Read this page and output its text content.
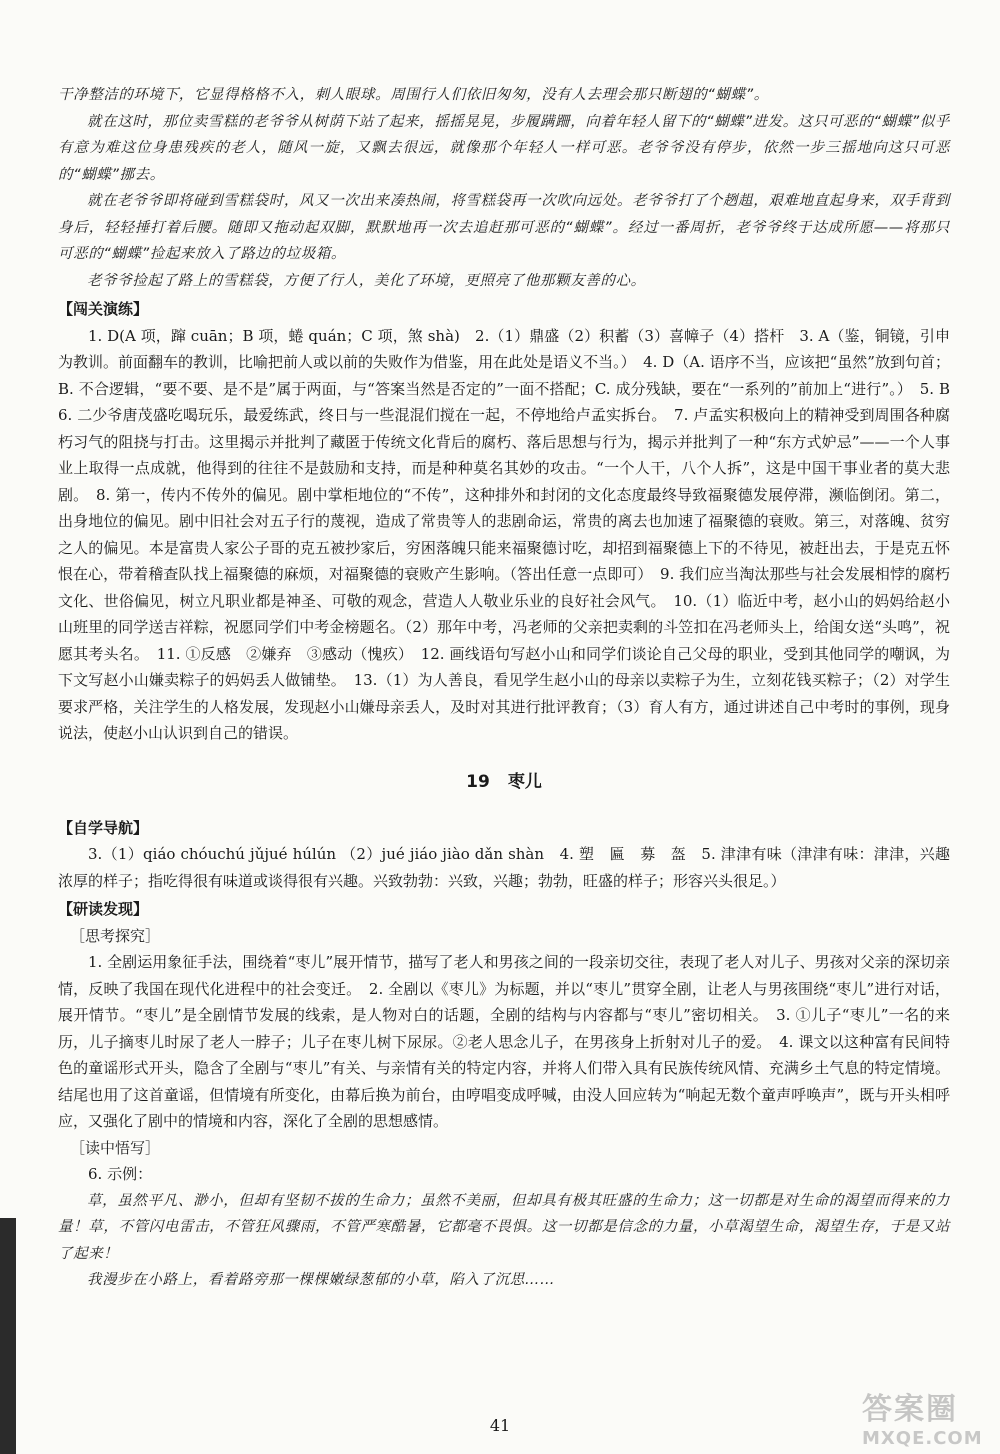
干净整洁的环境下，它显得格格不入，刺人眼球。周围行人们依旧匆匆，没有人去理会那只断翅的“蝴蝶”。

就在这时，那位卖雪糕的老爷爷从树荫下站了起来，摇摇晃晃，步履蹒跚，向着年轻人留下的“蝴蝶”进发。这只可恶的“蝴蝶”似乎有意为难这位身患残疾的老人，随风一旋，又飘去很远，就像那个年轻人一样可恶。老爷爷没有停步，依然一步三摇地向这只可恶的“蝴蝶”挪去。

就在老爷爷即将碰到雪糕袋时，风又一次出来凑热闹，将雪糕袋再一次吹向远处。老爷爷打了个趔趄，艰难地直起身来，双手背到身后，轻轻捶打着后腰。随即又拖动起双脚，默默地再一次去追赶那可恶的“蝴蝶”。经过一番周折，老爷爷终于达成所愿——将那只可恶的“蝴蝶”捡起来放入了路边的垃圾箱。

老爷爷捡起了路上的雪糕袋，方便了行人，美化了环境，更照亮了他那颗友善的心。

【闯关演练】

1. D(A 项，蹿 cuān；B 项，蜷 quán；C 项，煞 shà)　2.（1）鼎盛（2）积蓄（3）喜幛子（4）搭杆　3. A（鉴，铜镜，引申为教训。前面翻车的教训，比喻把前人或以前的失败作为借鉴，用在此处是语义不当。）　4. D（A. 语序不当，应该把“虽然”放到句首；B. 不合逻辑，“要不要、是不是”属于两面，与“答案当然是否定的”一面不搭配；C. 成分残缺，要在“一系列的”前加上“进行”。）　5. B　6. 二少爷唐茂盛吃喝玩乐，最爱练武，终日与一些混混们搅在一起，不停地给卢孟实拆台。　7. 卢孟实积极向上的精神受到周围各种腐朽习气的阻挠与打击。这里揭示并批判了藏匿于传统文化背后的腐朽、落后思想与行为，揭示并批判了一种“东方式妒忌”——一个人事业上取得一点成就，他得到的往往不是鼓励和支持，而是种种莫名其妙的攻击。“一个人干，八个人拆”，这是中国干事业者的莫大悲剧。　8. 第一，传内不传外的偏见。剧中掌柜地位的“不传”，这种排外和封闭的文化态度最终导致福聚德发展停滞，濒临倒闭。第二，出身地位的偏见。剧中旧社会对五子行的蔑视，造成了常贵等人的悲剧命运，常贵的离去也加速了福聚德的衰败。第三，对落魄、贫穷之人的偏见。本是富贵人家公子哥的克五被抄家后，穷困落魄只能来福聚德讨吃，却招到福聚德上下的不待见，被赶出去，于是克五怀恨在心，带着稽查队找上福聚德的麻烦，对福聚德的衰败产生影响。（答出任意一点即可）　9. 我们应当淘汰那些与社会发展相悖的腐朽文化、世俗偏见，树立凡职业都是神圣、可敬的观念，营造人人敬业乐业的良好社会风气。　10.（1）临近中考，赵小山的妈妈给赵小山班里的同学送吉祥粽，祝愿同学们中考金榜题名。（2）那年中考，冯老师的父亲把卖剩的斗笠扣在冯老师头上，给闺女送“头鸣”，祝愿其考头名。　11. ①反感　②嫌弃　③感动（愧疚）　12. 画线语句写赵小山和同学们谈论自己父母的职业，受到其他同学的嘲讽，为下文写赵小山嫌卖粽子的妈妈丢人做铺垫。　13.（1）为人善良，看见学生赵小山的母亲以卖粽子为生，立刻花钱买粽子；（2）对学生要求严格，关注学生的人格发展，发现赵小山嫌母亲丢人，及时对其进行批评教育；（3）育人有方，通过讲述自己中考时的事例，现身说法，使赵小山认识到自己的错误。

19 枣儿
【自学导航】

3.（1）qiáo chóuchú jǔjué húlún （2）jué jiáo jiào dǎn shàn　4. 塑　匾　募　盔　5. 津津有味（津津有味：津津，兴趣浓厚的样子；指吃得很有味道或谈得很有兴趣。兴致勃勃：兴致，兴趣；勃勃，旺盛的样子；形容兴头很足。）

【研读发现】
［思考探究］

1. 全剧运用象征手法，围绕着“枣儿”展开情节，描写了老人和男孩之间的一段亲切交往，表现了老人对儿子、男孩对父亲的深切亲情，反映了我国在现代化进程中的社会变迁。　2. 全剧以《枣儿》为标题，并以“枣儿”贯穿全剧，让老人与男孩围绕“枣儿”进行对话，展开情节。“枣儿”是全剧情节发展的线索，是人物对白的话题，全剧的结构与内容都与“枣儿”密切相关。　3. ①儿子“枣儿”一名的来历，儿子摘枣儿时尿了老人一脖子；儿子在枣儿树下尿尿。②老人思念儿子，在男孩身上折射对儿子的爱。　4. 课文以这种富有民间特色的童谣形式开头，隐含了全剧与“枣儿”有关、与亲情有关的特定内容，并将人们带入具有民族传统风情、充满乡土气息的特定情境。结尾也用了这首童谣，但情境有所变化，由幕后换为前台，由哼唱变成呼喊，由没人回应转为“响起无数个童声呼唤声”，既与开头相呼应，又强化了剧中的情境和内容，深化了全剧的思想感情。

［读中悟写］

6. 示例：

草，虽然平凡、渺小，但却有坚韧不拔的生命力；虽然不美丽，但却具有极其旺盛的生命力；这一切都是对生命的渴望而得来的力量！草，不管闪电雷击，不管狂风骤雨，不管严寒酷暑，它都毫不畏惧。这一切都是信念的力量，小草渴望生命，渴望生存，于是又站了起来！

我漫步在小路上，看着路旁那一棵棵嫩绿葱郁的小草，陷入了沉思……

41	答案圈
MXQE.COM
